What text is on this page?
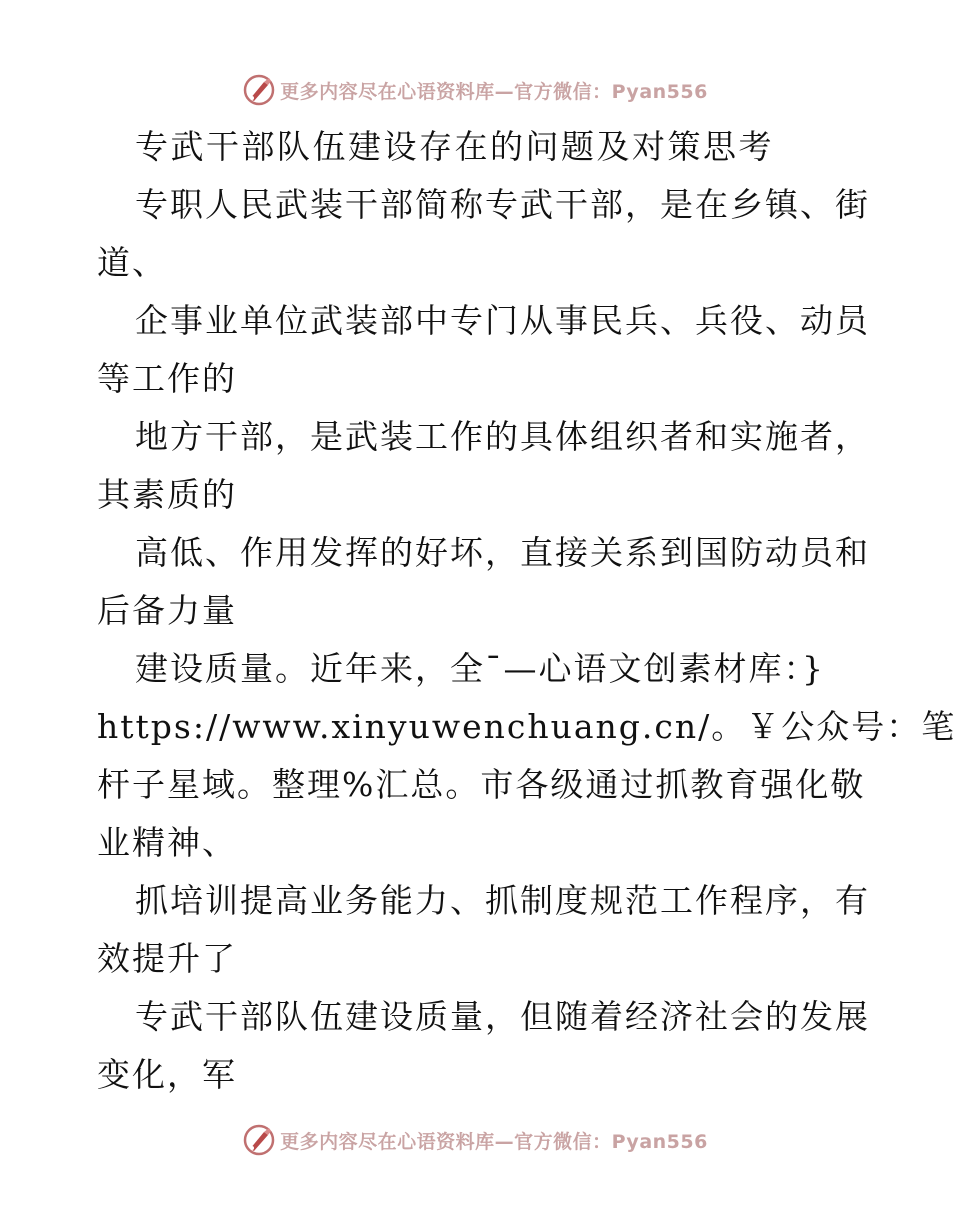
更多内容尽在心语资料库—官方微信：Pyan556
专武干部队伍建设存在的问题及对策思考
专职人民武装干部简称专武干部，是在乡镇、街
道、
企事业单位武装部中专门从事民兵、兵役、动员
等工作的
地方干部，是武装工作的具体组织者和实施者，
其素质的
高低、作用发挥的好坏，直接关系到国防动员和
后备力量
建设质量。近年来，全¯—心语文创素材库：}
https://www.xinyuwenchuang.cn/。￥公众号：笔
杆子星域。整理%汇总。市各级通过抓教育强化敬
业精神、
抓培训提高业务能力、抓制度规范工作程序，有
效提升了
专武干部队伍建设质量，但随着经济社会的发展
变化，军
更多内容尽在心语资料库—官方微信：Pyan556
